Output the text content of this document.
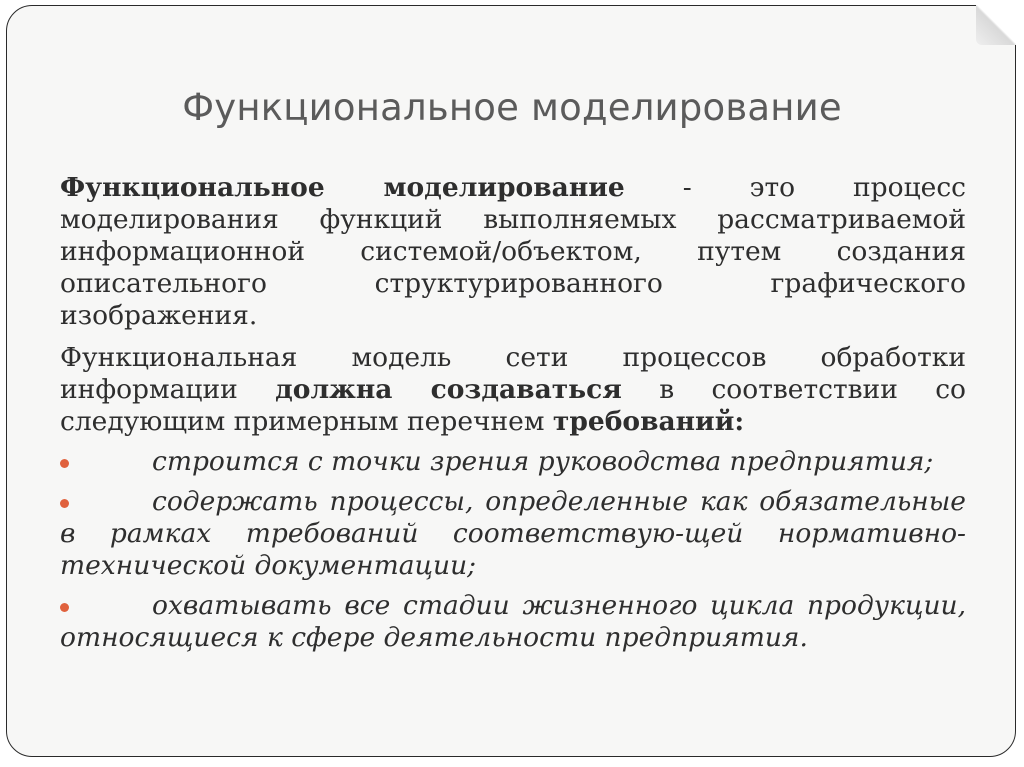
Функциональное моделирование

Функциональное моделирование - это процесс моделирования функций выполняемых рассматриваемой информационной системой/объектом, путем создания описательного структурированного графического изображения.

Функциональная модель сети процессов обработки информации должна создаваться в соответствии со следующим примерным перечнем требований:

строится с точки зрения руководства предприятия;
содержать процессы, определенные как обязательные в рамках требований соответствую-щей нормативно-технической документации;
охватывать все стадии жизненного цикла продукции, относящиеся к сфере деятельности предприятия.
